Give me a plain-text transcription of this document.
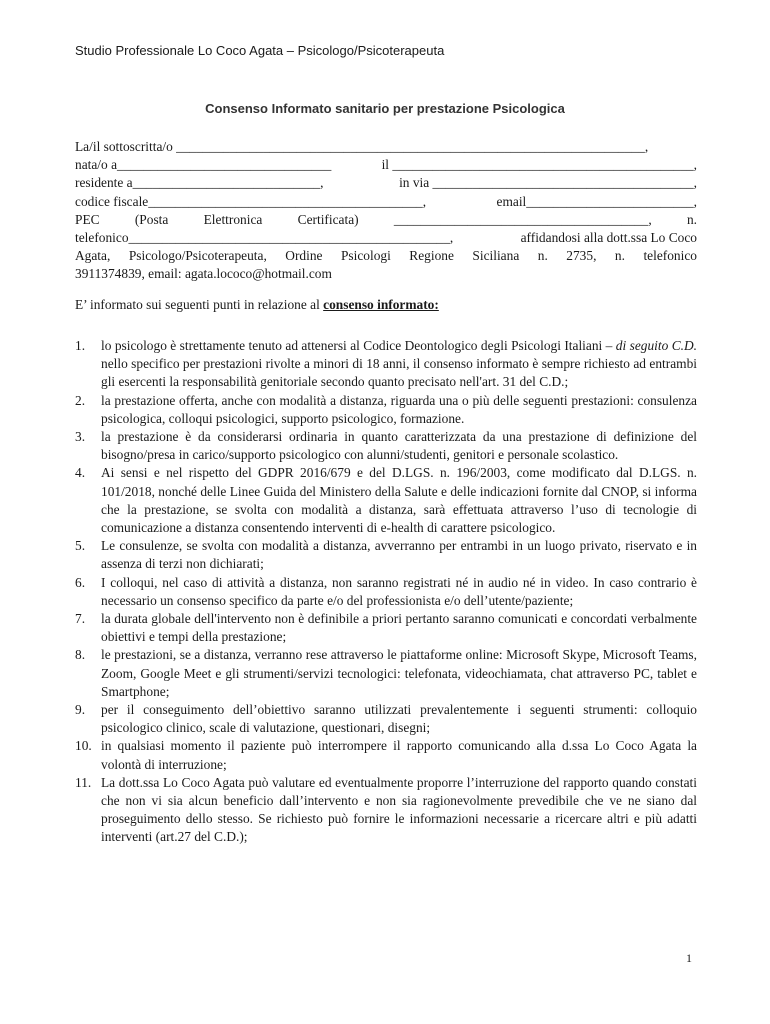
Studio Professionale Lo Coco Agata – Psicologo/Psicoterapeuta
Consenso Informato sanitario per prestazione Psicologica
La/il sottoscritta/o ______________________________________________________________________,
nata/o a________________________________	il _____________________________________________,
residente a____________________________,	in via _______________________________________,
codice fiscale_________________________________________,	email_________________________,
PEC	(Posta	Elettronica	Certificata)	______________________________________,	n.
telefonico________________________________________________,	affidandosi alla dott.ssa Lo Coco
Agata, Psicologo/Psicoterapeuta, Ordine Psicologi Regione Siciliana n. 2735, n. telefonico
3911374839, email: agata.lococo@hotmail.com
E’ informato sui seguenti punti in relazione al consenso informato:
1. lo psicologo è strettamente tenuto ad attenersi al Codice Deontologico degli Psicologi Italiani – di seguito C.D. nello specifico per prestazioni rivolte a minori di 18 anni, il consenso informato è sempre richiesto ad entrambi gli esercenti la responsabilità genitoriale secondo quanto precisato nell'art. 31 del C.D.;
2. la prestazione offerta, anche con modalità a distanza, riguarda una o più delle seguenti prestazioni: consulenza psicologica, colloqui psicologici, supporto psicologico, formazione.
3. la prestazione è da considerarsi ordinaria in quanto caratterizzata da una prestazione di definizione del bisogno/presa in carico/supporto psicologico con alunni/studenti, genitori e personale scolastico.
4. Ai sensi e nel rispetto del GDPR 2016/679 e del D.LGS. n. 196/2003, come modificato dal D.LGS. n. 101/2018, nonché delle Linee Guida del Ministero della Salute e delle indicazioni fornite dal CNOP, si informa che la prestazione, se svolta con modalità a distanza, sarà effettuata attraverso l’uso di tecnologie di comunicazione a distanza consentendo interventi di e-health di carattere psicologico.
5. Le consulenze, se svolta con modalità a distanza, avverranno per entrambi in un luogo privato, riservato e in assenza di terzi non dichiarati;
6. I colloqui, nel caso di attività a distanza, non saranno registrati né in audio né in video. In caso contrario è necessario un consenso specifico da parte e/o del professionista e/o dell’utente/paziente;
7. la durata globale dell'intervento non è definibile a priori pertanto saranno comunicati e concordati verbalmente obiettivi e tempi della prestazione;
8. le prestazioni, se a distanza, verranno rese attraverso le piattaforme online: Microsoft Skype, Microsoft Teams, Zoom, Google Meet e gli strumenti/servizi tecnologici: telefonata, videochiamata, chat attraverso PC, tablet e Smartphone;
9. per il conseguimento dell’obiettivo saranno utilizzati prevalentemente i seguenti strumenti: colloquio psicologico clinico, scale di valutazione, questionari, disegni;
10. in qualsiasi momento il paziente può interrompere il rapporto comunicando alla d.ssa Lo Coco Agata la volontà di interruzione;
11. La dott.ssa Lo Coco Agata può valutare ed eventualmente proporre l’interruzione del rapporto quando constati che non vi sia alcun beneficio dall’intervento e non sia ragionevolmente prevedibile che ve ne siano dal proseguimento dello stesso. Se richiesto può fornire le informazioni necessarie a ricercare altri e più adatti interventi (art.27 del C.D.);
1
